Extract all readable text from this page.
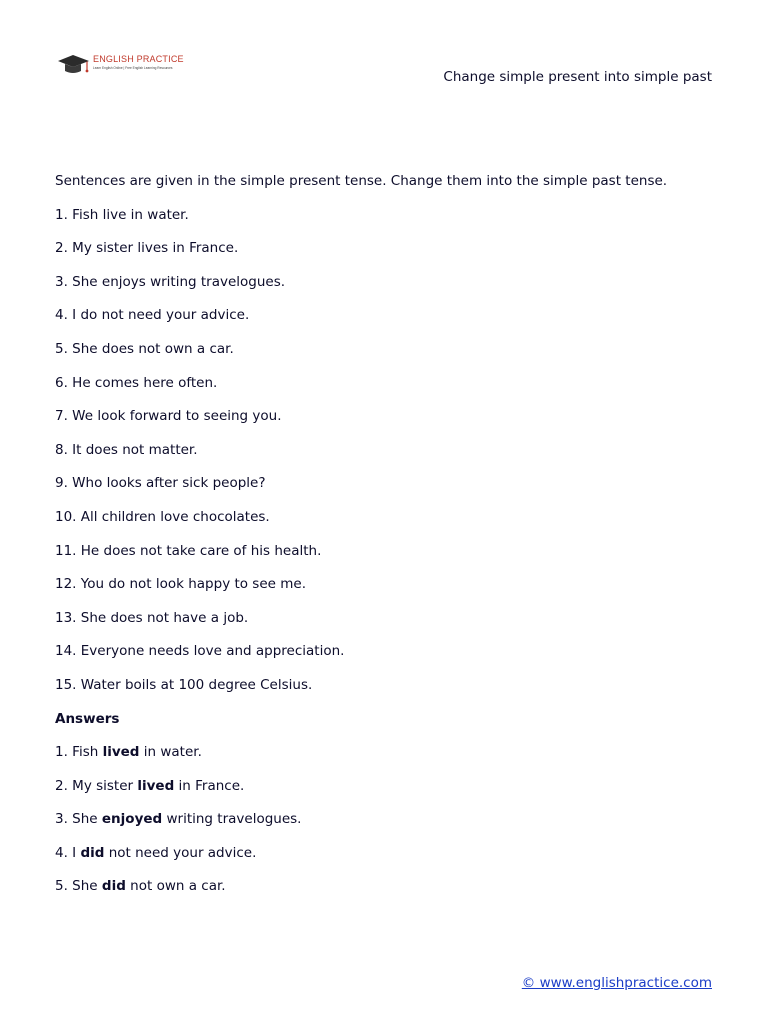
ENGLISH PRACTICE
Learn English Online | Free English Learning Resources
Change simple present into simple past
Sentences are given in the simple present tense. Change them into the simple past tense.
1. Fish live in water.
2. My sister lives in France.
3. She enjoys writing travelogues.
4. I do not need your advice.
5. She does not own a car.
6. He comes here often.
7. We look forward to seeing you.
8. It does not matter.
9. Who looks after sick people?
10. All children love chocolates.
11. He does not take care of his health.
12. You do not look happy to see me.
13. She does not have a job.
14. Everyone needs love and appreciation.
15. Water boils at 100 degree Celsius.
Answers
1. Fish lived in water.
2. My sister lived in France.
3. She enjoyed writing travelogues.
4. I did not need your advice.
5. She did not own a car.
© www.englishpractice.com
